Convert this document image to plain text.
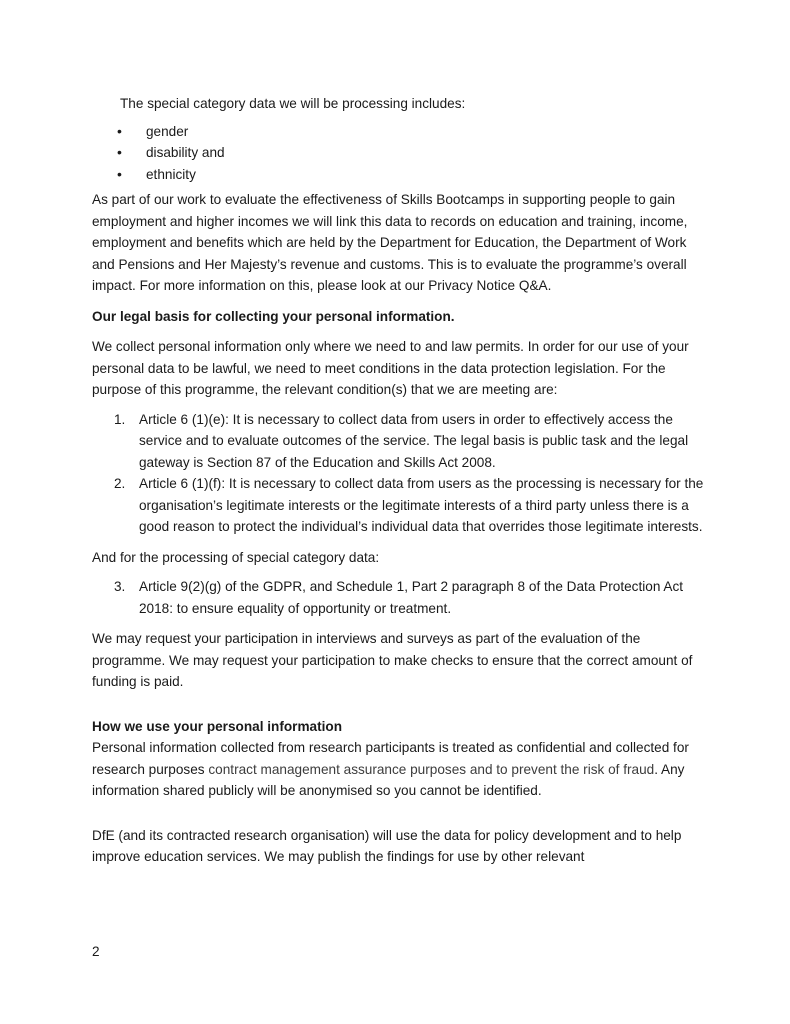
The special category data we will be processing includes:

• gender
• disability and
• ethnicity

As part of our work to evaluate the effectiveness of Skills Bootcamps in supporting people to gain employment and higher incomes we will link this data to records on education and training, income, employment and benefits which are held by the Department for Education, the Department of Work and Pensions and Her Majesty’s revenue and customs. This is to evaluate the programme’s overall impact. For more information on this, please look at our Privacy Notice Q&A.

Our legal basis for collecting your personal information.

We collect personal information only where we need to and law permits. In order for our use of your personal data to be lawful, we need to meet conditions in the data protection legislation. For the purpose of this programme, the relevant condition(s) that we are meeting are:

1. Article 6 (1)(e): It is necessary to collect data from users in order to effectively access the service and to evaluate outcomes of the service. The legal basis is public task and the legal gateway is Section 87 of the Education and Skills Act 2008.
2. Article 6 (1)(f): It is necessary to collect data from users as the processing is necessary for the organisation’s legitimate interests or the legitimate interests of a third party unless there is a good reason to protect the individual’s individual data that overrides those legitimate interests.

And for the processing of special category data:

3. Article 9(2)(g) of the GDPR, and Schedule 1, Part 2 paragraph 8 of the Data Protection Act 2018: to ensure equality of opportunity or treatment.

We may request your participation in interviews and surveys as part of the evaluation of the programme. We may request your participation to make checks to ensure that the correct amount of funding is paid.

How we use your personal information

Personal information collected from research participants is treated as confidential and collected for research purposes contract management assurance purposes and to prevent the risk of fraud. Any information shared publicly will be anonymised so you cannot be identified.

DfE (and its contracted research organisation) will use the data for policy development and to help improve education services. We may publish the findings for use by other relevant

2
